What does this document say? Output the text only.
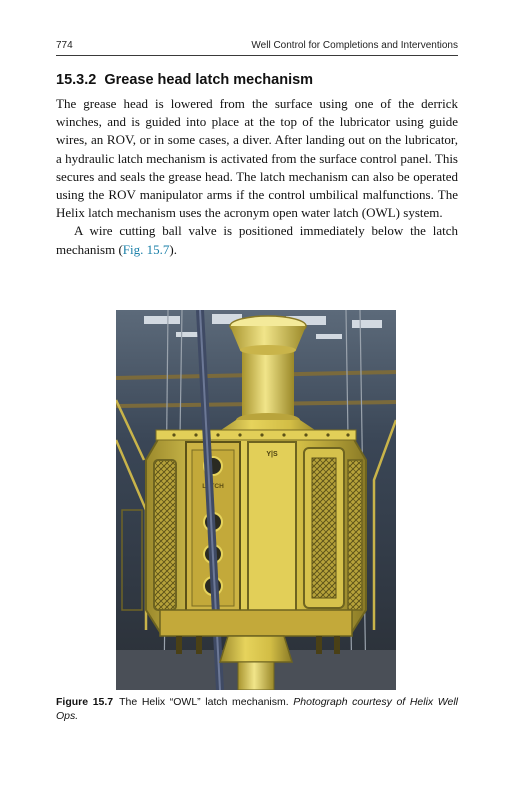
774	Well Control for Completions and Interventions
15.3.2 Grease head latch mechanism

The grease head is lowered from the surface using one of the derrick winches, and is guided into place at the top of the lubricator using guide wires, an ROV, or in some cases, a diver. After landing out on the lubricator, a hydraulic latch mechanism is activated from the surface control panel. This secures and seals the grease head. The latch mechanism can also be operated using the ROV manipulator arms if the control umbilical malfunctions. The Helix latch mechanism uses the acronym open water latch (OWL) system.

A wire cutting ball valve is positioned immediately below the latch mechanism (Fig. 15.7).

LATCH
Y|S
Figure 15.7 The Helix “OWL” latch mechanism. Photograph courtesy of Helix Well Ops.
